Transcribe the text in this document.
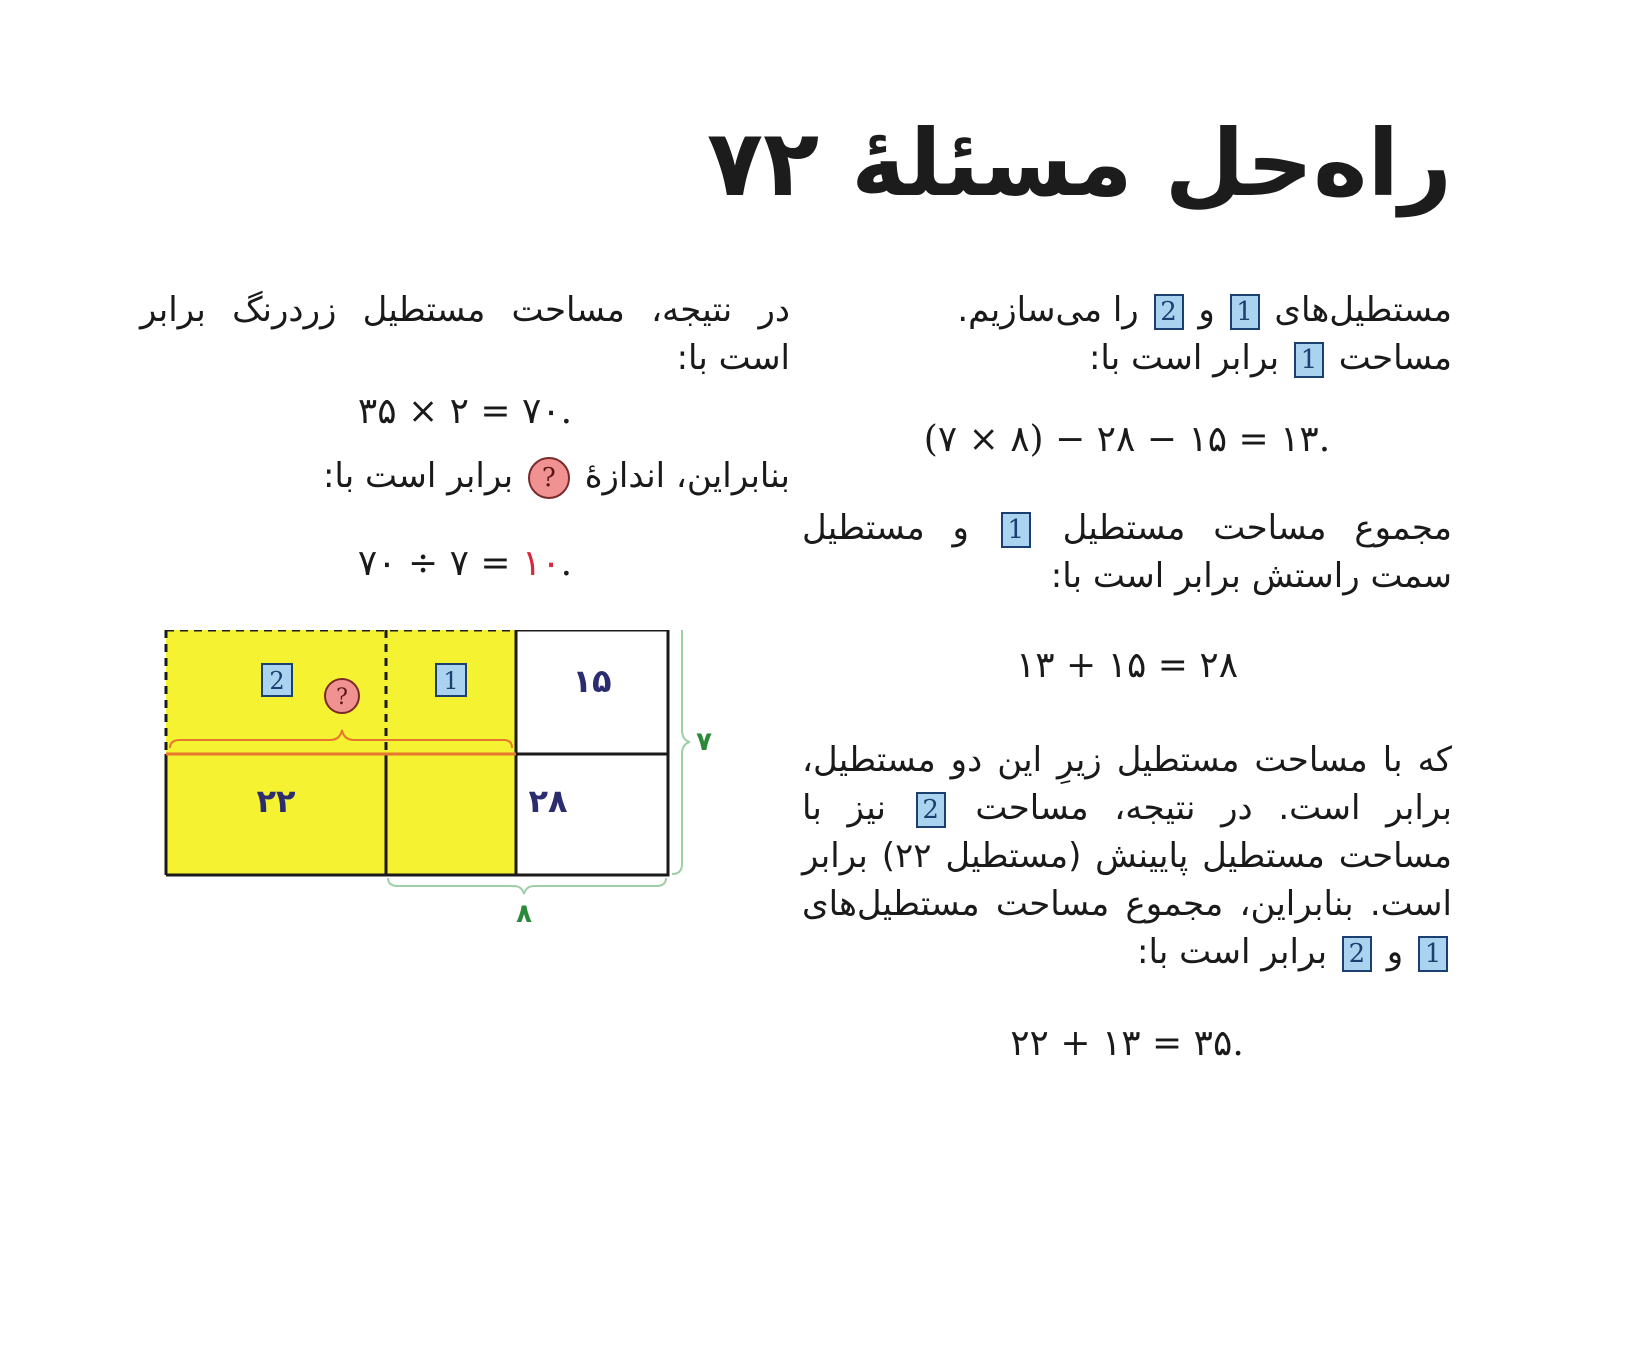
راه‌حل مسئلهٔ ۷۲

مستطیل‌های 1 و 2 را می‌سازیم.

مساحت 1 برابر است با:

(۷ × ۸) − ۲۸ − ۱۵ = ۱۳.

مجموع مساحت مستطیل 1 و مستطیل سمت راستش برابر است با:

۱۳ + ۱۵ = ۲۸

که با مساحت مستطیل زیرِ این دو مستطیل، برابر است. در نتیجه، مساحت 2 نیز با مساحت مستطیل پایینش (مستطیل ۲۲) برابر است. بنابراین، مجموع مساحت مستطیل‌های 1 و 2 برابر است با:

۲۲ + ۱۳ = ۳۵.

در نتیجه، مساحت مستطیل زردرنگ برابر است با:

۳۵ × ۲ = ۷۰.

بنابراین، اندازهٔ ? برابر است با:

۷۰ ÷ ۷ = ۱۰.

2	1
?	۱۵
۲۸
۲۲
۷
۸
